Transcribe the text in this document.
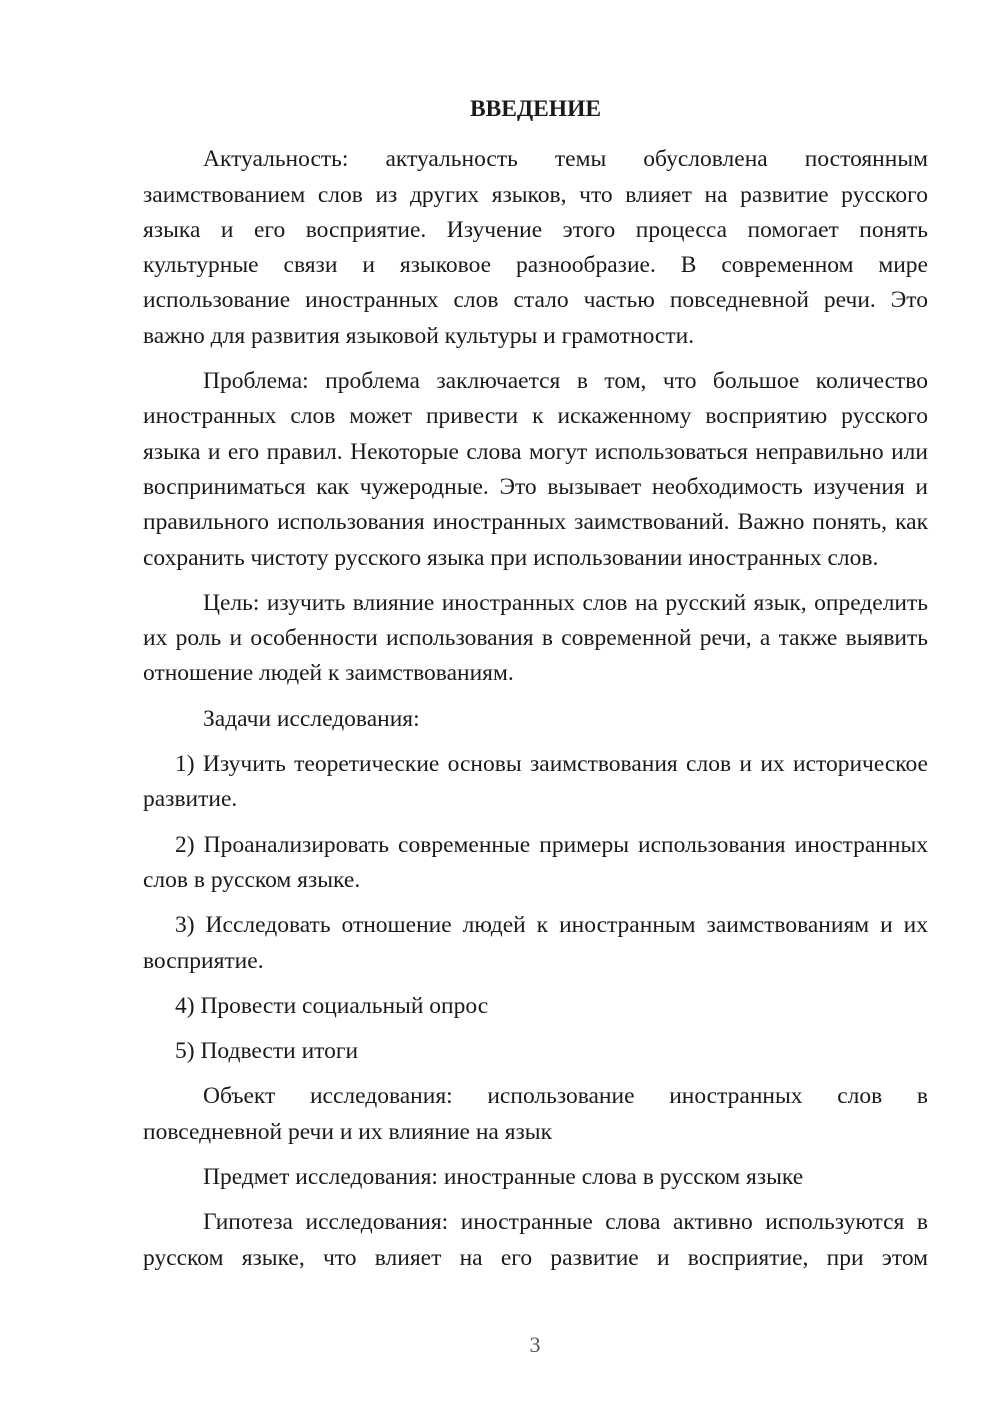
ВВЕДЕНИЕ

Актуальность: актуальность темы обусловлена постоянным заимствованием слов из других языков, что влияет на развитие русского языка и его восприятие. Изучение этого процесса помогает понять культурные связи и языковое разнообразие. В современном мире использование иностранных слов стало частью повседневной речи. Это важно для развития языковой культуры и грамотности.

Проблема: проблема заключается в том, что большое количество иностранных слов может привести к искаженному восприятию русского языка и его правил. Некоторые слова могут использоваться неправильно или восприниматься как чужеродные. Это вызывает необходимость изучения и правильного использования иностранных заимствований. Важно понять, как сохранить чистоту русского языка при использовании иностранных слов.

Цель: изучить влияние иностранных слов на русский язык, определить их роль и особенности использования в современной речи, а также выявить отношение людей к заимствованиям.

Задачи исследования:

1) Изучить теоретические основы заимствования слов и их историческое развитие.

2) Проанализировать современные примеры использования иностранных слов в русском языке.

3) Исследовать отношение людей к иностранным заимствованиям и их восприятие.

4) Провести социальный опрос

5) Подвести итоги

Объект исследования: использование иностранных слов в повседневной речи и их влияние на язык

Предмет исследования: иностранные слова в русском языке

Гипотеза исследования: иностранные слова активно используются в русском языке, что влияет на его развитие и восприятие, при этом

3
